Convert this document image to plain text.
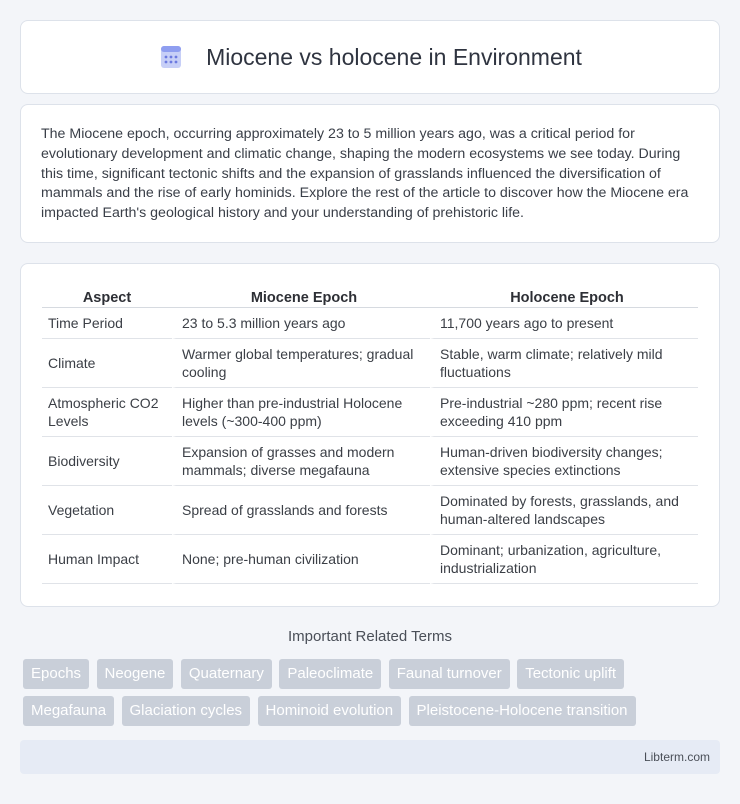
Miocene vs holocene in Environment

The Miocene epoch, occurring approximately 23 to 5 million years ago, was a critical period for evolutionary development and climatic change, shaping the modern ecosystems we see today. During this time, significant tectonic shifts and the expansion of grasslands influenced the diversification of mammals and the rise of early hominids. Explore the rest of the article to discover how the Miocene era impacted Earth's geological history and your understanding of prehistoric life.

Aspect	Miocene Epoch	Holocene Epoch
Time Period	23 to 5.3 million years ago	11,700 years ago to present
Climate	Warmer global temperatures; gradual cooling	Stable, warm climate; relatively mild fluctuations
Atmospheric CO2 Levels	Higher than pre-industrial Holocene levels (~300-400 ppm)	Pre-industrial ~280 ppm; recent rise exceeding 410 ppm
Biodiversity	Expansion of grasses and modern mammals; diverse megafauna	Human-driven biodiversity changes; extensive species extinctions
Vegetation	Spread of grasslands and forests	Dominated by forests, grasslands, and human-altered landscapes
Human Impact	None; pre-human civilization	Dominant; urbanization, agriculture, industrialization
Important Related Terms
Epochs Neogene Quaternary Paleoclimate Faunal turnover Tectonic uplift Megafauna Glaciation cycles Hominoid evolution Pleistocene-Holocene transition
Libterm.com
